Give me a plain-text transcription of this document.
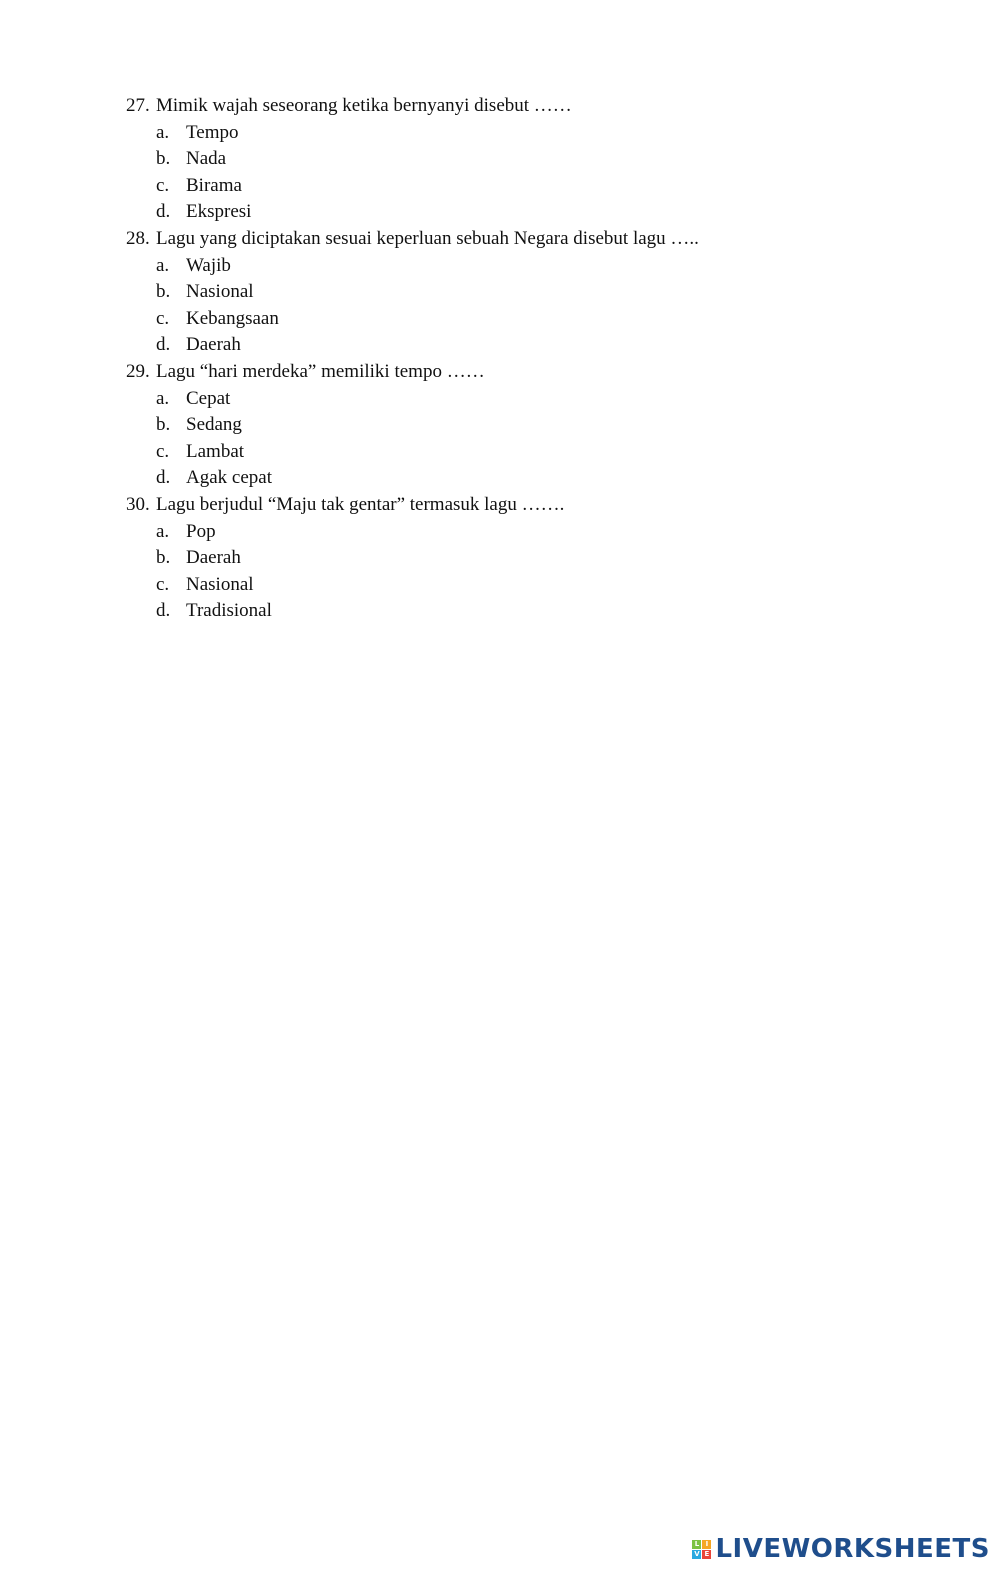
27. Mimik wajah seseorang ketika bernyanyi disebut ……
a. Tempo
b. Nada
c. Birama
d. Ekspresi
28. Lagu yang diciptakan sesuai keperluan sebuah Negara disebut lagu …..
a. Wajib
b. Nasional
c. Kebangsaan
d. Daerah
29. Lagu “hari merdeka” memiliki tempo ……
a. Cepat
b. Sedang
c. Lambat
d. Agak cepat
30. Lagu berjudul “Maju tak gentar” termasuk lagu …….
a. Pop
b. Daerah
c. Nasional
d. Tradisional
L I
V E LIVEWORKSHEETS
